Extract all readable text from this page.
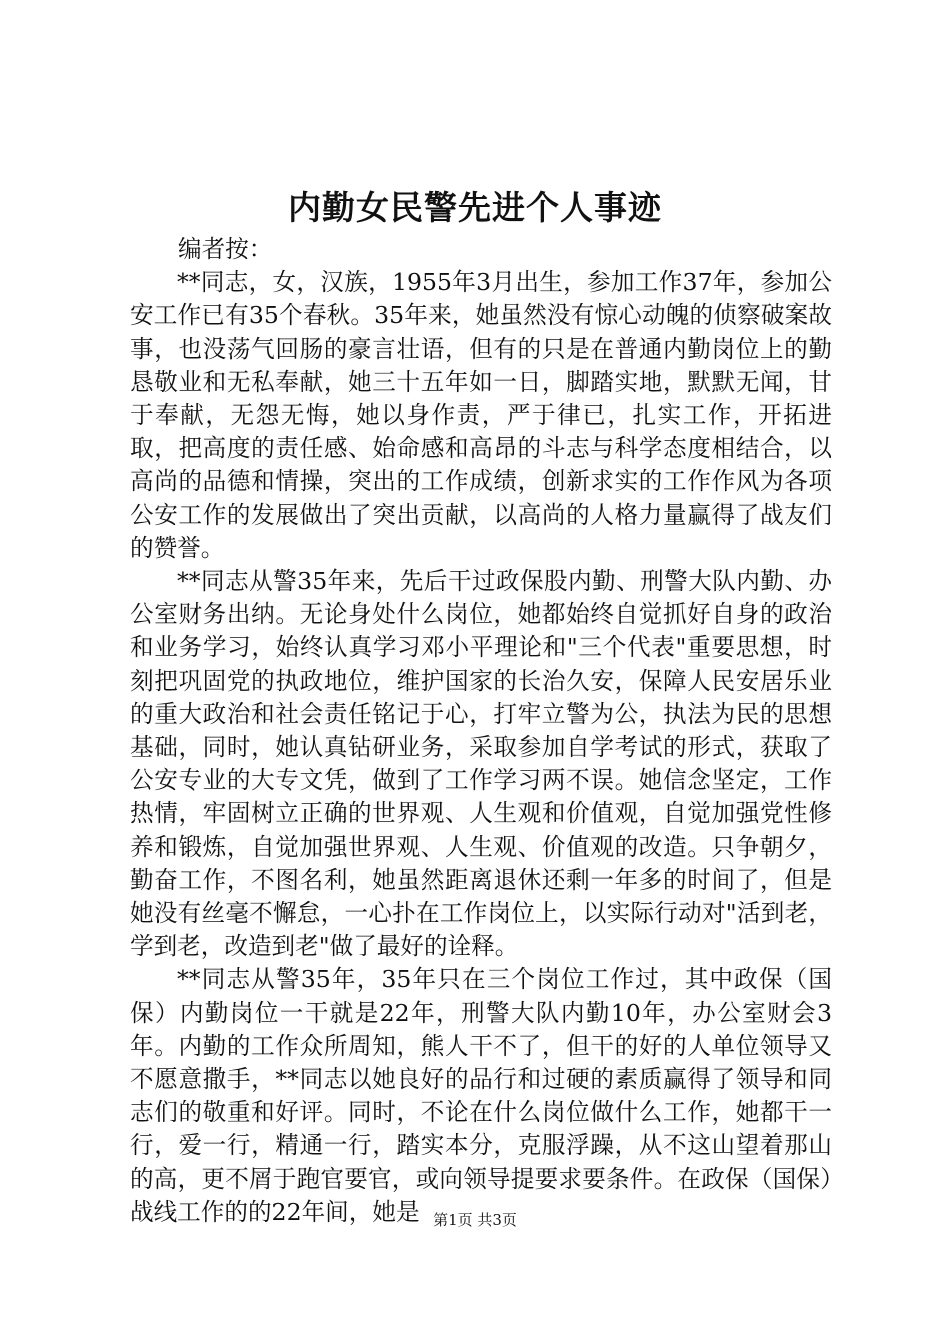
内勤女民警先进个人事迹

编者按：

**同志，女，汉族，1955年3月出生，参加工作37年，参加公安工作已有35个春秋。35年来，她虽然没有惊心动魄的侦察破案故事，也没荡气回肠的豪言壮语，但有的只是在普通内勤岗位上的勤恳敬业和无私奉献，她三十五年如一日，脚踏实地，默默无闻，甘于奉献，无怨无悔，她以身作责，严于律已，扎实工作，开拓进取，把高度的责任感、始命感和高昂的斗志与科学态度相结合，以高尚的品德和情操，突出的工作成绩，创新求实的工作作风为各项公安工作的发展做出了突出贡献，以高尚的人格力量赢得了战友们的赞誉。

**同志从警35年来，先后干过政保股内勤、刑警大队内勤、办公室财务出纳。无论身处什么岗位，她都始终自觉抓好自身的政治和业务学习，始终认真学习邓小平理论和"三个代表"重要思想，时刻把巩固党的执政地位，维护国家的长治久安，保障人民安居乐业的重大政治和社会责任铭记于心，打牢立警为公，执法为民的思想基础，同时，她认真钻研业务，采取参加自学考试的形式，获取了公安专业的大专文凭，做到了工作学习两不误。她信念坚定，工作热情，牢固树立正确的世界观、人生观和价值观，自觉加强党性修养和锻炼，自觉加强世界观、人生观、价值观的改造。只争朝夕，勤奋工作，不图名利，她虽然距离退休还剩一年多的时间了，但是她没有丝毫不懈怠，一心扑在工作岗位上，以实际行动对"活到老，学到老，改造到老"做了最好的诠释。

**同志从警35年，35年只在三个岗位工作过，其中政保（国保）内勤岗位一干就是22年，刑警大队内勤10年，办公室财会3年。内勤的工作众所周知，熊人干不了，但干的好的人单位领导又不愿意撒手，**同志以她良好的品行和过硬的素质赢得了领导和同志们的敬重和好评。同时，不论在什么岗位做什么工作，她都干一行，爱一行，精通一行，踏实本分，克服浮躁，从不这山望着那山的高，更不屑于跑官要官，或向领导提要求要条件。在政保（国保）战线工作的的22年间，她是 第1页 共3页
